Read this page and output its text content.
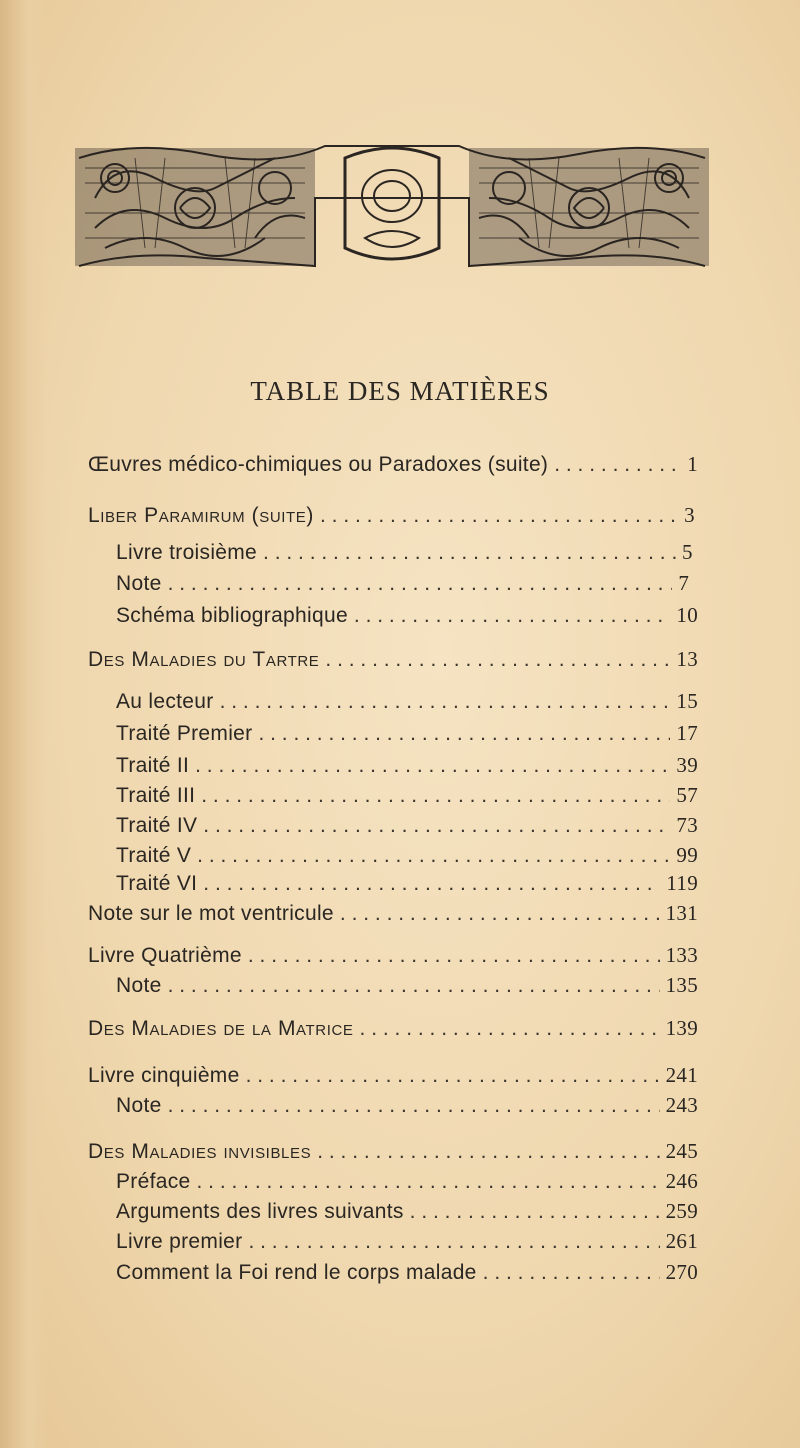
TABLE DES MATIÈRES
Œuvres médico-chimiques ou Paradoxes (suite) . . .	1
Liber Paramirum (suite) . . .	3
Livre troisième . . .	5
Note . . .	7
Schéma bibliographique . . .	10
Des Maladies du Tartre . . .	13
Au lecteur . . .	15
Traité Premier . . .	17
Traité II . . .	39
Traité III . . .	57
Traité IV . . .	73
Traité V . . .	99
Traité VI . . .	119
Note sur le mot ventricule . . .	131
Livre Quatrième . . .	133
Note . . .	135
Des Maladies de la Matrice . . .	139
Livre cinquième . . .	241
Note . . .	243
Des Maladies invisibles . . .	245
Préface . . .	246
Arguments des livres suivants . . .	259
Livre premier . . .	261
Comment la Foi rend le corps malade . . .	270
